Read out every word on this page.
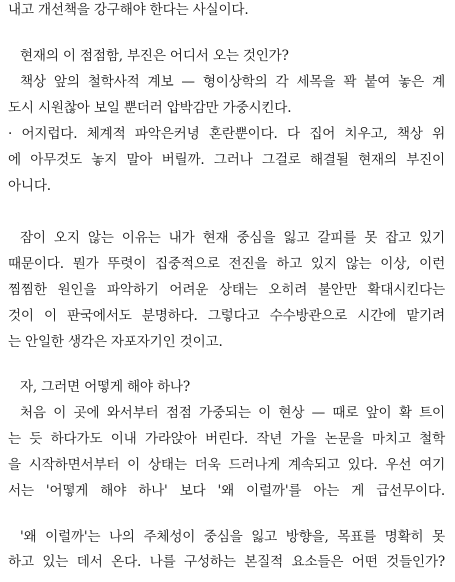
내고 개선책을 강구해야 한다는 사실이다.
현재의 이 점점함, 부진은 어디서 오는 것인가?
책상 앞의 철학사적 계보 — 형이상학의 각 세목을 꽉 붙여 놓은 계
도시 시원찮아 보일 뿐더러 압박감만 가중시킨다.
· 어지럽다. 체계적 파악은커녕 혼란뿐이다. 다 집어 치우고, 책상 위
에 아무것도 놓지 말아 버릴까. 그러나 그걸로 해결될 현재의 부진이
아니다.
잠이 오지 않는 이유는 내가 현재 중심을 잃고 갈피를 못 잡고 있기
때문이다. 뭔가 뚜렷이 집중적으로 전진을 하고 있지 않는 이상, 이런
찜찜한 원인을 파악하기 어려운 상태는 오히려 불안만 확대시킨다는
것이 이 판국에서도 분명하다. 그렇다고 수수방관으로 시간에 맡기려
는 안일한 생각은 자포자기인 것이고.
자, 그러면 어떻게 해야 하나?
처음 이 곳에 와서부터 점점 가중되는 이 현상 — 때로 앞이 확 트이
는 듯 하다가도 이내 가라앉아 버린다. 작년 가을 논문을 마치고 철학
을 시작하면서부터 이 상태는 더욱 드러나게 계속되고 있다. 우선 여기
서는 '어떻게 해야 하나' 보다 '왜 이럴까'를 아는 게 급선무이다.
'왜 이럴까'는 나의 주체성이 중심을 잃고 방향을, 목표를 명확히 못
하고 있는 데서 온다. 나를 구성하는 본질적 요소들은 어떤 것들인가?
